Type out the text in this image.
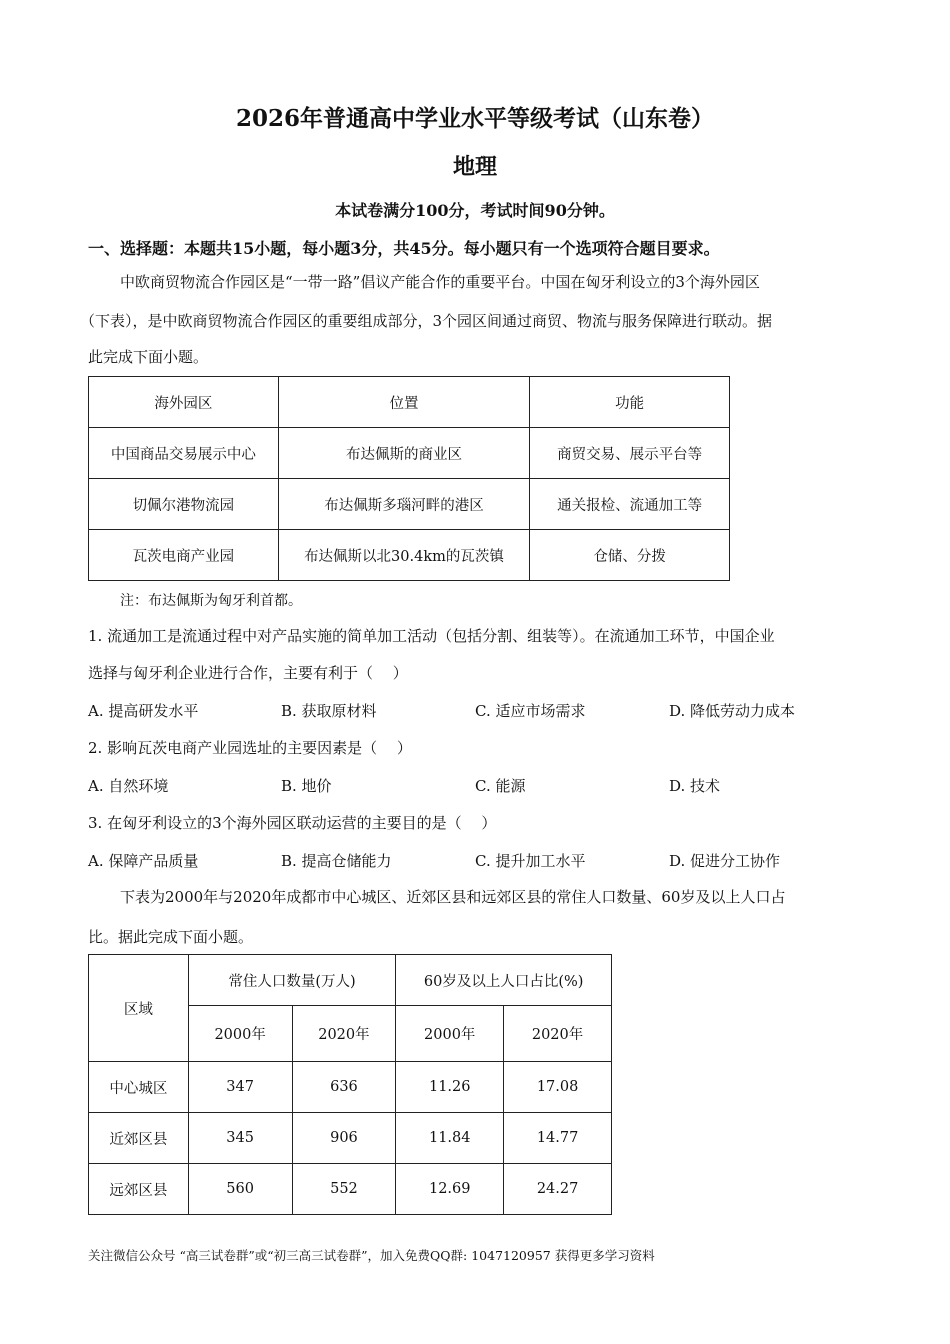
2026年普通高中学业水平等级考试（山东卷）
地理
本试卷满分100分，考试时间90分钟。
一、选择题：本题共15小题，每小题3分，共45分。每小题只有一个选项符合题目要求。
中欧商贸物流合作园区是“一带一路”倡议产能合作的重要平台。中国在匈牙利设立的3个海外园区
（下表），是中欧商贸物流合作园区的重要组成部分，3个园区间通过商贸、物流与服务保障进行联动。据
此完成下面小题。
海外园区	位置	功能
中国商品交易展示中心	布达佩斯的商业区	商贸交易、展示平台等
切佩尔港物流园	布达佩斯多瑙河畔的港区	通关报检、流通加工等
瓦茨电商产业园	布达佩斯以北30.4km的瓦茨镇	仓储、分拨
注：布达佩斯为匈牙利首都。
1. 流通加工是流通过程中对产品实施的简单加工活动（包括分割、组装等）。在流通加工环节，中国企业
选择与匈牙利企业进行合作，主要有利于（　 ）
A. 提高研发水平	B. 获取原材料	C. 适应市场需求	D. 降低劳动力成本
2. 影响瓦茨电商产业园选址的主要因素是（　 ）
A. 自然环境	B. 地价	C. 能源	D. 技术
3. 在匈牙利设立的3个海外园区联动运营的主要目的是（　 ）
A. 保障产品质量	B. 提高仓储能力	C. 提升加工水平	D. 促进分工协作
下表为2000年与2020年成都市中心城区、近郊区县和远郊区县的常住人口数量、60岁及以上人口占
比。据此完成下面小题。
区域	常住人口数量(万人)		60岁及以上人口占比(%)	
	2000年	2020年	2000年	2020年
中心城区	347	636	11.26	17.08
近郊区县	345	906	11.84	14.77
远郊区县	560	552	12.69	24.27
关注微信公众号 “高三试卷群”或“初三高三试卷群”，加入免费QQ群: 1047120957 获得更多学习资料
